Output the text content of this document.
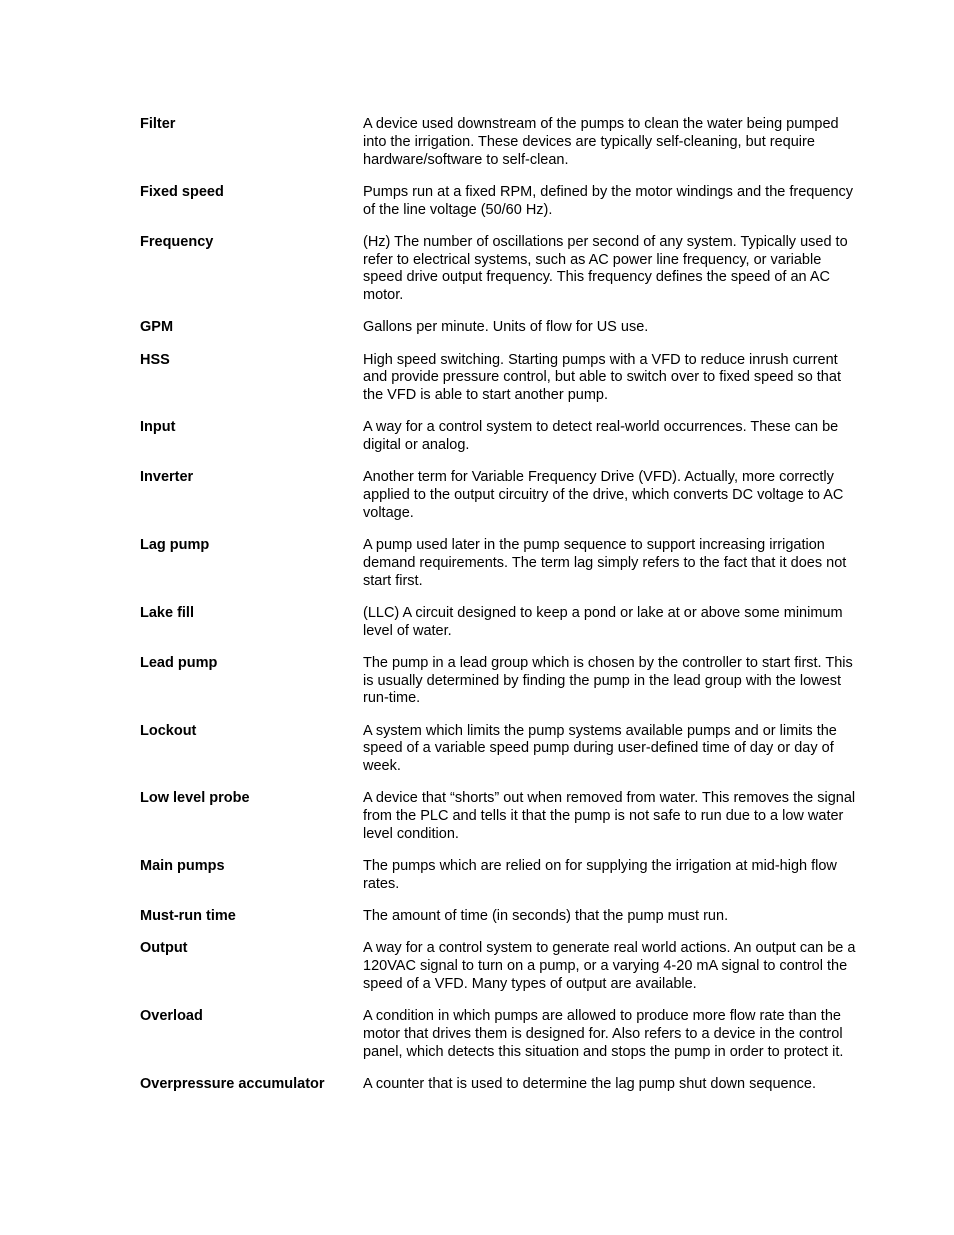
Filter	A device used downstream of the pumps to clean the water being pumped
into the irrigation. These devices are typically self-cleaning, but require
hardware/software to self-clean.
Fixed speed	Pumps run at a fixed RPM, defined by the motor windings and the frequency
of the line voltage (50/60 Hz).
Frequency	(Hz) The number of oscillations per second of any system. Typically used to
refer to electrical systems, such as AC power line frequency, or variable
speed drive output frequency. This frequency defines the speed of an AC
motor.
GPM	Gallons per minute. Units of flow for US use.
HSS	High speed switching. Starting pumps with a VFD to reduce inrush current
and provide pressure control, but able to switch over to fixed speed so that
the VFD is able to start another pump.
Input	A way for a control system to detect real-world occurrences. These can be
digital or analog.
Inverter	Another term for Variable Frequency Drive (VFD). Actually, more correctly
applied to the output circuitry of the drive, which converts DC voltage to AC
voltage.
Lag pump	A pump used later in the pump sequence to support increasing irrigation
demand requirements. The term lag simply refers to the fact that it does not
start first.
Lake fill	(LLC) A circuit designed to keep a pond or lake at or above some minimum
level of water.
Lead pump	The pump in a lead group which is chosen by the controller to start first. This
is usually determined by finding the pump in the lead group with the lowest
run-time.
Lockout	A system which limits the pump systems available pumps and or limits the
speed of a variable speed pump during user-defined time of day or day of
week.
Low level probe	A device that “shorts” out when removed from water. This removes the signal
from the PLC and tells it that the pump is not safe to run due to a low water
level condition.
Main pumps	The pumps which are relied on for supplying the irrigation at mid-high flow
rates.
Must-run time	The amount of time (in seconds) that the pump must run.
Output	A way for a control system to generate real world actions. An output can be a
120VAC signal to turn on a pump, or a varying 4-20 mA signal to control the
speed of a VFD. Many types of output are available.
Overload	A condition in which pumps are allowed to produce more flow rate than the
motor that drives them is designed for. Also refers to a device in the control
panel, which detects this situation and stops the pump in order to protect it.
Overpressure accumulator	A counter that is used to determine the lag pump shut down sequence.
